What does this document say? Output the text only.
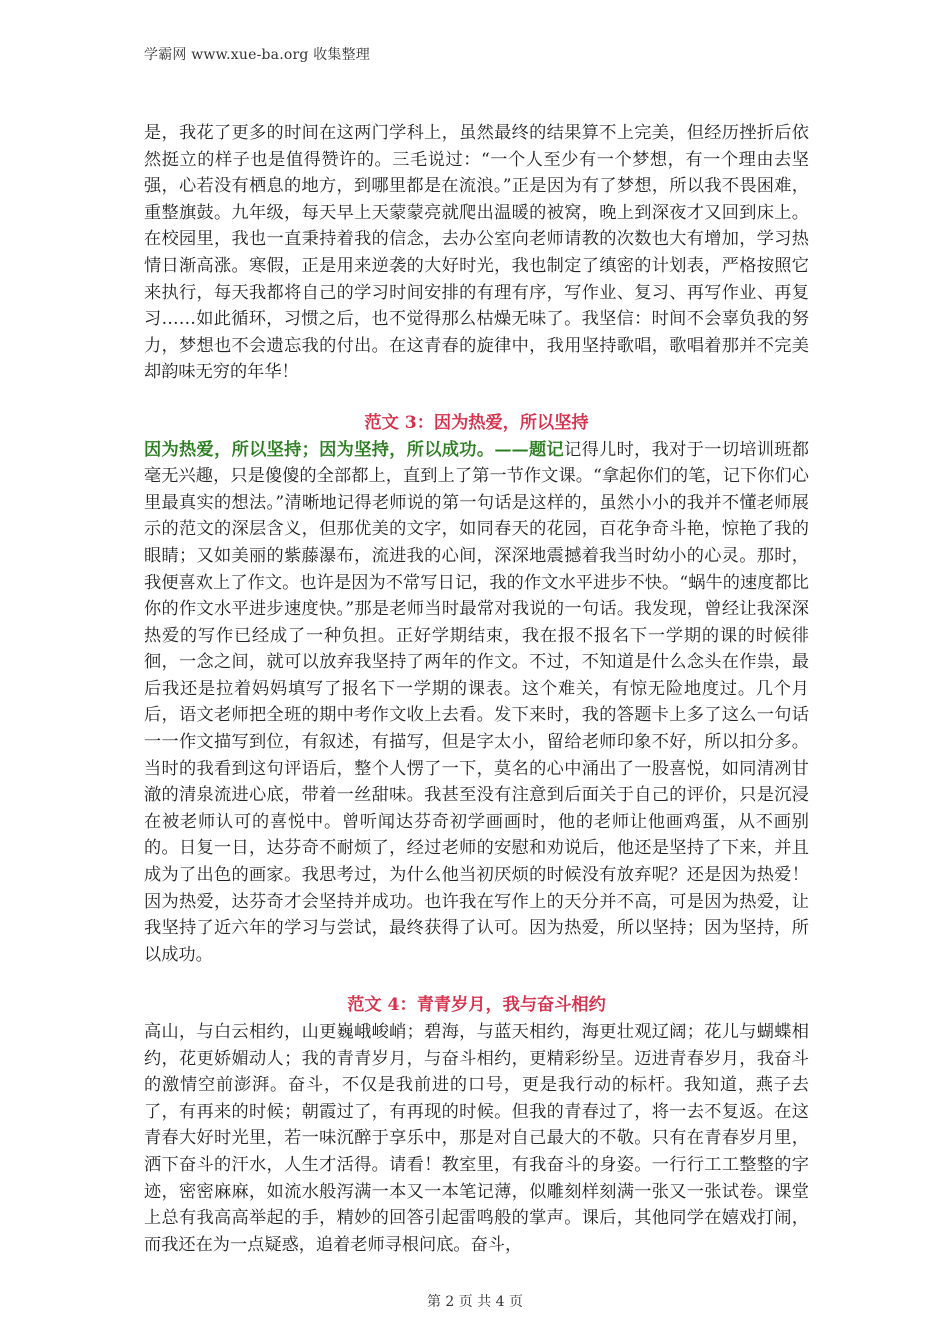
学霸网 www.xue-ba.org 收集整理

是，我花了更多的时间在这两门学科上，虽然最终的结果算不上完美，但经历挫折后依然挺立的样子也是值得赞许的。三毛说过：“一个人至少有一个梦想，有一个理由去坚强，心若没有栖息的地方，到哪里都是在流浪。”正是因为有了梦想，所以我不畏困难，重整旗鼓。九年级，每天早上天蒙蒙亮就爬出温暖的被窝，晚上到深夜才又回到床上。在校园里，我也一直秉持着我的信念，去办公室向老师请教的次数也大有增加，学习热情日渐高涨。寒假，正是用来逆袭的大好时光，我也制定了缜密的计划表，严格按照它来执行，每天我都将自己的学习时间安排的有理有序，写作业、复习、再写作业、再复习……如此循环，习惯之后，也不觉得那么枯燥无味了。我坚信：时间不会辜负我的努力，梦想也不会遗忘我的付出。在这青春的旋律中，我用坚持歌唱，歌唱着那并不完美却韵味无穷的年华！

范文 3：因为热爱，所以坚持

因为热爱，所以坚持；因为坚持，所以成功。——题记记得儿时，我对于一切培训班都毫无兴趣，只是傻傻的全部都上，直到上了第一节作文课。“拿起你们的笔，记下你们心里最真实的想法。”清晰地记得老师说的第一句话是这样的，虽然小小的我并不懂老师展示的范文的深层含义，但那优美的文字，如同春天的花园，百花争奇斗艳，惊艳了我的眼睛；又如美丽的紫藤瀑布，流进我的心间，深深地震撼着我当时幼小的心灵。那时，我便喜欢上了作文。也许是因为不常写日记，我的作文水平进步不快。“蜗牛的速度都比你的作文水平进步速度快。”那是老师当时最常对我说的一句话。我发现，曾经让我深深热爱的写作已经成了一种负担。正好学期结束，我在报不报名下一学期的课的时候徘徊，一念之间，就可以放弃我坚持了两年的作文。不过，不知道是什么念头在作祟，最后我还是拉着妈妈填写了报名下一学期的课表。这个难关，有惊无险地度过。几个月后，语文老师把全班的期中考作文收上去看。发下来时，我的答题卡上多了这么一句话一一作文描写到位，有叙述，有描写，但是字太小，留给老师印象不好，所以扣分多。当时的我看到这句评语后，整个人愣了一下，莫名的心中涌出了一股喜悦，如同清冽甘澈的清泉流进心底，带着一丝甜味。我甚至没有注意到后面关于自己的评价，只是沉浸在被老师认可的喜悦中。曾听闻达芬奇初学画画时，他的老师让他画鸡蛋，从不画别的。日复一日，达芬奇不耐烦了，经过老师的安慰和劝说后，他还是坚持了下来，并且成为了出色的画家。我思考过，为什么他当初厌烦的时候没有放弃呢？还是因为热爱！因为热爱，达芬奇才会坚持并成功。也许我在写作上的天分并不高，可是因为热爱，让我坚持了近六年的学习与尝试，最终获得了认可。因为热爱，所以坚持；因为坚持，所以成功。

范文 4：青青岁月，我与奋斗相约

高山，与白云相约，山更巍峨峻峭；碧海，与蓝天相约，海更壮观辽阔；花儿与蝴蝶相约，花更娇媚动人；我的青青岁月，与奋斗相约，更精彩纷呈。迈进青春岁月，我奋斗的激情空前澎湃。奋斗，不仅是我前进的口号，更是我行动的标杆。我知道，燕子去了，有再来的时候；朝霞过了，有再现的时候。但我的青春过了，将一去不复返。在这青春大好时光里，若一味沉醉于享乐中，那是对自己最大的不敬。只有在青春岁月里，洒下奋斗的汗水，人生才活得。请看！教室里，有我奋斗的身姿。一行行工工整整的字迹，密密麻麻，如流水般泻满一本又一本笔记薄，似雕刻样刻满一张又一张试卷。课堂上总有我高高举起的手，精妙的回答引起雷鸣般的掌声。课后，其他同学在嬉戏打闹，而我还在为一点疑惑，追着老师寻根问底。奋斗，

第 2 页 共 4 页
